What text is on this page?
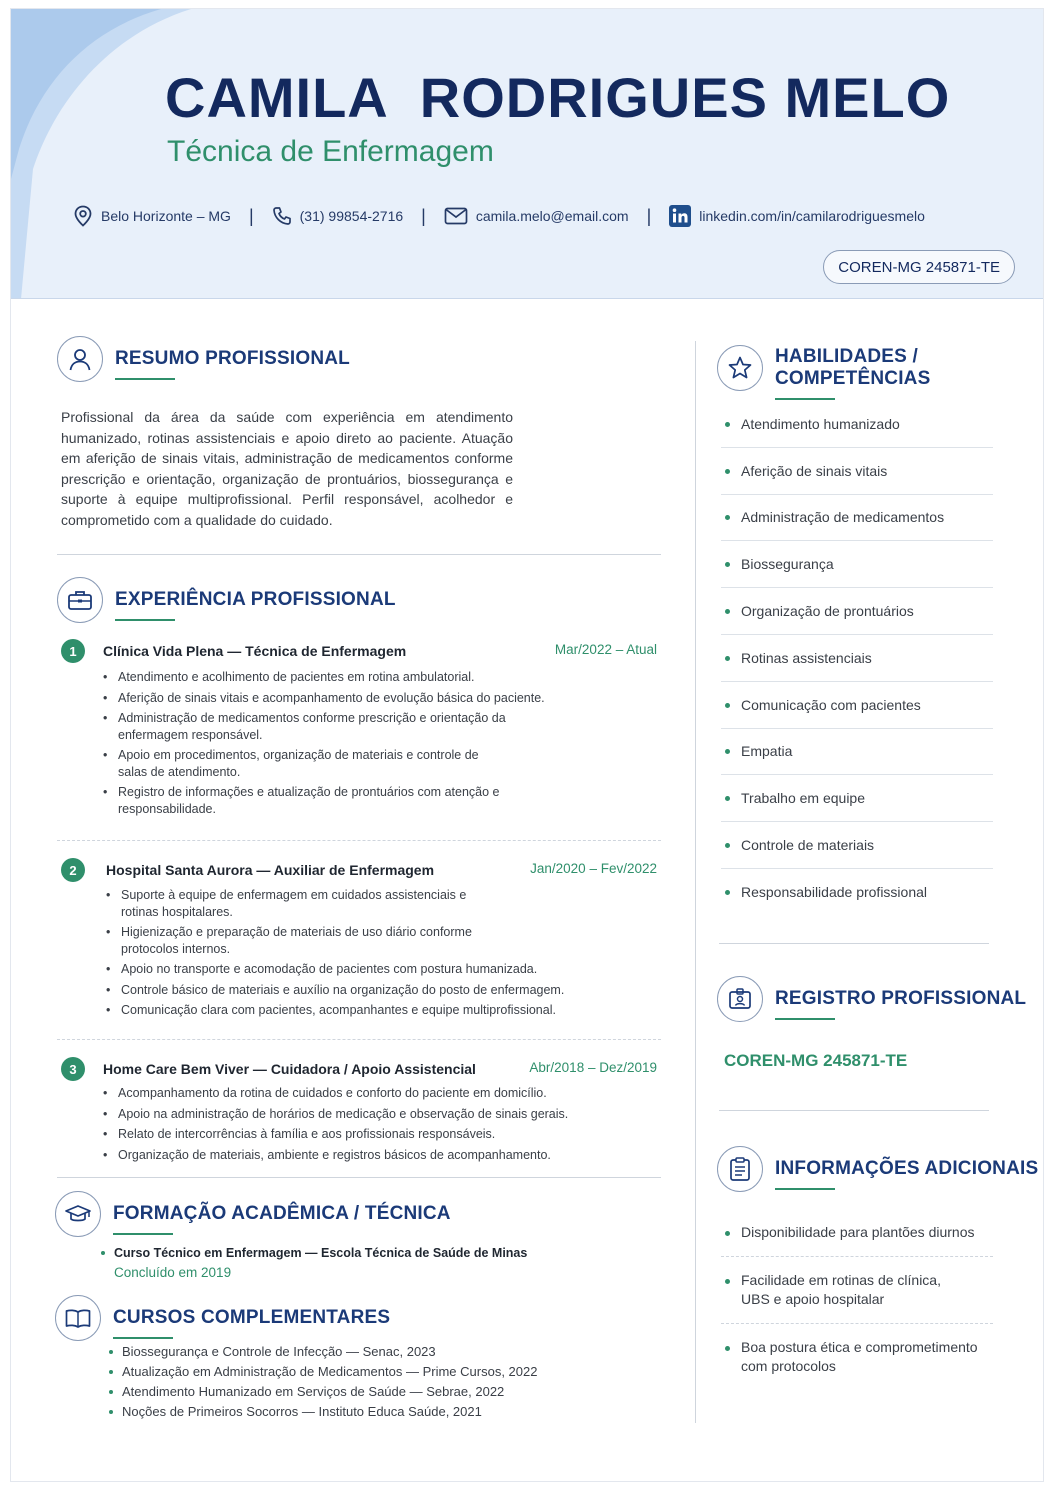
CAMILA  RODRIGUES MELO
Técnica de Enfermagem
Belo Horizonte – MG |	(31) 99854-2716 |	camila.melo@email.com |	linkedin.com/in/camilarodriguesmelo
COREN-MG 245871-TE
RESUMO PROFISSIONAL
Profissional da área da saúde com experiência em atendimento humanizado, rotinas assistenciais e apoio direto ao paciente. Atuação em aferição de sinais vitais, administração de medicamentos conforme prescrição e orientação, organização de prontuários, biossegurança e suporte à equipe multiprofissional. Perfil responsável, acolhedor e comprometido com a qualidade do cuidado.
EXPERIÊNCIA PROFISSIONAL
1	Clínica Vida Plena — Técnica de Enfermagem	Mar/2022 – Atual
• Atendimento e acolhimento de pacientes em rotina ambulatorial.
• Aferição de sinais vitais e acompanhamento de evolução básica do paciente.
• Administração de medicamentos conforme prescrição e orientação da enfermagem responsável.
• Apoio em procedimentos, organização de materiais e controle de salas de atendimento.
• Registro de informações e atualização de prontuários com atenção e responsabilidade.
2	Hospital Santa Aurora — Auxiliar de Enfermagem	Jan/2020 – Fev/2022
• Suporte à equipe de enfermagem em cuidados assistenciais e rotinas hospitalares.
• Higienização e preparação de materiais de uso diário conforme protocolos internos.
• Apoio no transporte e acomodação de pacientes com postura humanizada.
• Controle básico de materiais e auxílio na organização do posto de enfermagem.
• Comunicação clara com pacientes, acompanhantes e equipe multiprofissional.
3	Home Care Bem Viver — Cuidadora / Apoio Assistencial	Abr/2018 – Dez/2019
• Acompanhamento da rotina de cuidados e conforto do paciente em domicílio.
• Apoio na administração de horários de medicação e observação de sinais gerais.
• Relato de intercorrências à família e aos profissionais responsáveis.
• Organização de materiais, ambiente e registros básicos de acompanhamento.
FORMAÇÃO ACADÊMICA / TÉCNICA
Curso Técnico em Enfermagem — Escola Técnica de Saúde de Minas
Concluído em 2019
CURSOS COMPLEMENTARES
Biossegurança e Controle de Infecção — Senac, 2023
Atualização em Administração de Medicamentos — Prime Cursos, 2022
Atendimento Humanizado em Serviços de Saúde — Sebrae, 2022
Noções de Primeiros Socorros — Instituto Educa Saúde, 2021
HABILIDADES / COMPETÊNCIAS
Atendimento humanizado
Aferição de sinais vitais
Administração de medicamentos
Biossegurança
Organização de prontuários
Rotinas assistenciais
Comunicação com pacientes
Empatia
Trabalho em equipe
Controle de materiais
Responsabilidade profissional
REGISTRO PROFISSIONAL
COREN-MG 245871-TE
INFORMAÇÕES ADICIONAIS
Disponibilidade para plantões diurnos
Facilidade em rotinas de clínica, UBS e apoio hospitalar
Boa postura ética e comprometimento com protocolos
